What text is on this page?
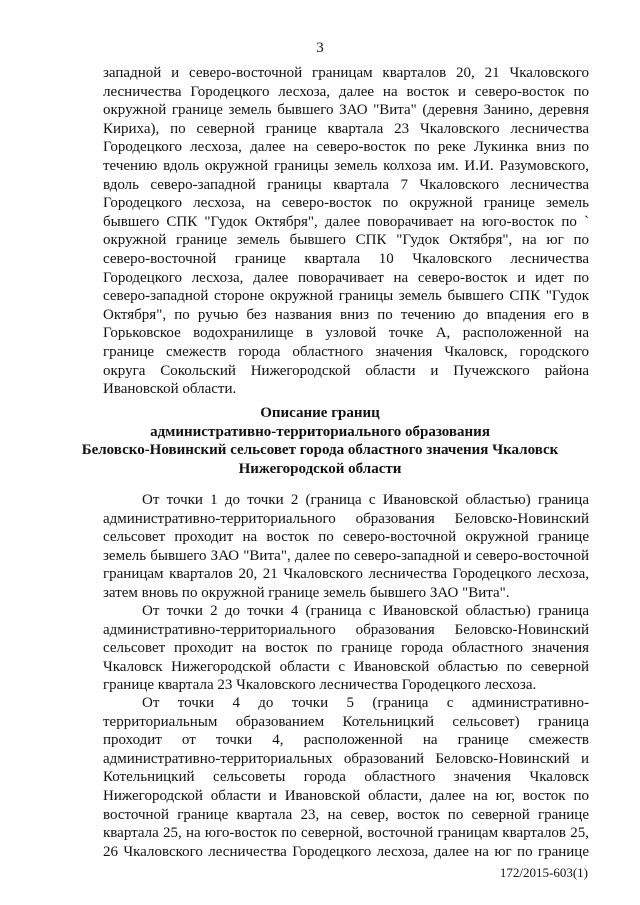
3
западной и северо-восточной границам кварталов 20, 21 Чкаловского
лесничества Городецкого лесхоза, далее на восток и северо-восток по
окружной границе земель бывшего ЗАО "Вита" (деревня Занино, деревня
Кириха), по северной границе квартала 23 Чкаловского лесничества
Городецкого лесхоза, далее на северо-восток по реке Лукинка вниз по
течению вдоль окружной границы земель колхоза им. И.И. Разумовского,
вдоль северо-западной границы квартала 7 Чкаловского лесничества
Городецкого лесхоза, на северо-восток по окружной границе земель
бывшего СПК "Гудок Октября", далее поворачивает на юго-восток по `
окружной границе земель бывшего СПК "Гудок Октября", на юг по
северо-восточной границе квартала 10 Чкаловского лесничества
Городецкого лесхоза, далее поворачивает на северо-восток и идет по
северо-западной стороне окружной границы земель бывшего СПК "Гудок
Октября", по ручью без названия вниз по течению до впадения его в
Горьковское водохранилище в узловой точке А, расположенной на
границе смежеств города областного значения Чкаловск, городского
округа Сокольский Нижегородской области и Пучежского района
Ивановской области.
Описание границ
административно-территориального образования
Беловско-Новинский сельсовет города областного значения Чкаловск
Нижегородской области
От точки 1 до точки 2 (граница с Ивановской областью) граница
административно-территориального образования Беловско-Новинский
сельсовет проходит на восток по северо-восточной окружной границе
земель бывшего ЗАО "Вита", далее по северо-западной и северо-восточной
границам кварталов 20, 21 Чкаловского лесничества Городецкого лесхоза,
затем вновь по окружной границе земель бывшего ЗАО "Вита".
От точки 2 до точки 4 (граница с Ивановской областью) граница
административно-территориального образования Беловско-Новинский
сельсовет проходит на восток по границе города областного значения
Чкаловск Нижегородской области с Ивановской областью по северной
границе квартала 23 Чкаловского лесничества Городецкого лесхоза.
От точки 4 до точки 5 (граница с административно-
территориальным образованием Котельницкий сельсовет) граница
проходит от точки 4, расположенной на границе смежеств
административно-территориальных образований Беловско-Новинский и
Котельницкий сельсоветы города областного значения Чкаловск
Нижегородской области и Ивановской области, далее на юг, восток по
восточной границе квартала 23, на север, восток по северной границе
квартала 25, на юго-восток по северной, восточной границам кварталов 25,
26 Чкаловского лесничества Городецкого лесхоза, далее на юг по границе
172/2015-603(1)
